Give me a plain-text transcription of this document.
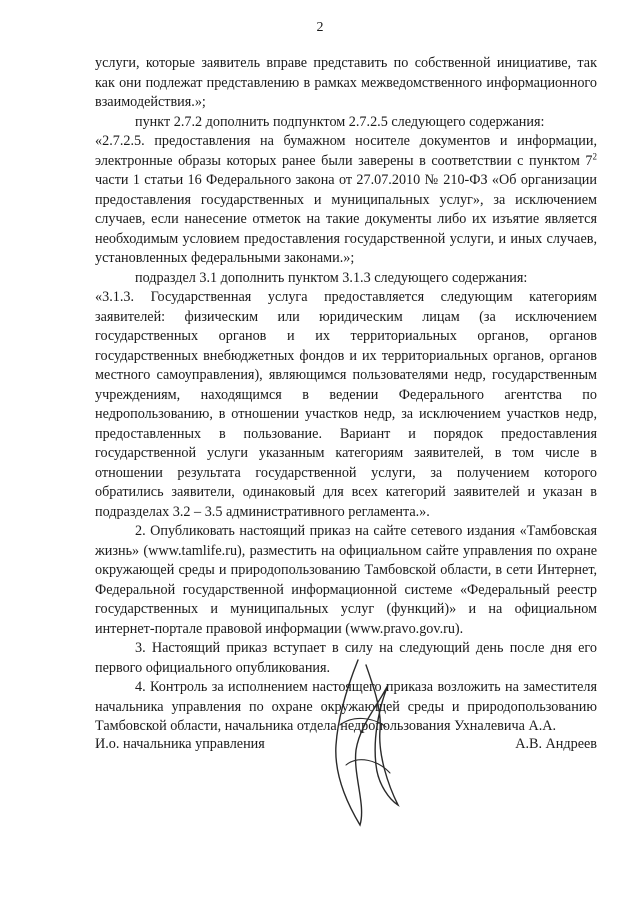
2

услуги, которые заявитель вправе представить по собственной инициативе, так как они подлежат представлению в рамках межведомственного информационного взаимодействия.»;

пункт 2.7.2 дополнить подпунктом 2.7.2.5 следующего содержания:

«2.7.2.5. предоставления на бумажном носителе документов и информации, электронные образы которых ранее были заверены в соответствии с пунктом $7^2$ части 1 статьи 16 Федерального закона от 27.07.2010 № 210-ФЗ «Об организации предоставления государственных и муниципальных услуг», за исключением случаев, если нанесение отметок на такие документы либо их изъятие является необходимым условием предоставления государственной услуги, и иных случаев, установленных федеральными законами.»;

подраздел 3.1 дополнить пунктом 3.1.3 следующего содержания:

«3.1.3. Государственная услуга предоставляется следующим категориям заявителей: физическим или юридическим лицам (за исключением государственных органов и их территориальных органов, органов государственных внебюджетных фондов и их территориальных органов, органов местного самоуправления), являющимся пользователями недр, государственным учреждениям, находящимся в ведении Федерального агентства по недропользованию, в отношении участков недр, за исключением участков недр, предоставленных в пользование. Вариант и порядок предоставления государственной услуги указанным категориям заявителей, в том числе в отношении результата государственной услуги, за получением которого обратились заявители, одинаковый для всех категорий заявителей и указан в подразделах 3.2 – 3.5 административного регламента.».

2. Опубликовать настоящий приказ на сайте сетевого издания «Тамбовская жизнь» (www.tamlife.ru), разместить на официальном сайте управления по охране окружающей среды и природопользованию Тамбовской области, в сети Интернет, Федеральной государственной информационной системе «Федеральный реестр государственных и муниципальных услуг (функций)» и на официальном интернет-портале правовой информации (www.pravo.gov.ru).

3. Настоящий приказ вступает в силу на следующий день после дня его первого официального опубликования.

4. Контроль за исполнением настоящего приказа возложить на заместителя начальника управления по охране окружающей среды и природопользованию Тамбовской области, начальника отдела недропользования Ухналевича А.А.

И.о. начальника управления	А.В. Андреев
